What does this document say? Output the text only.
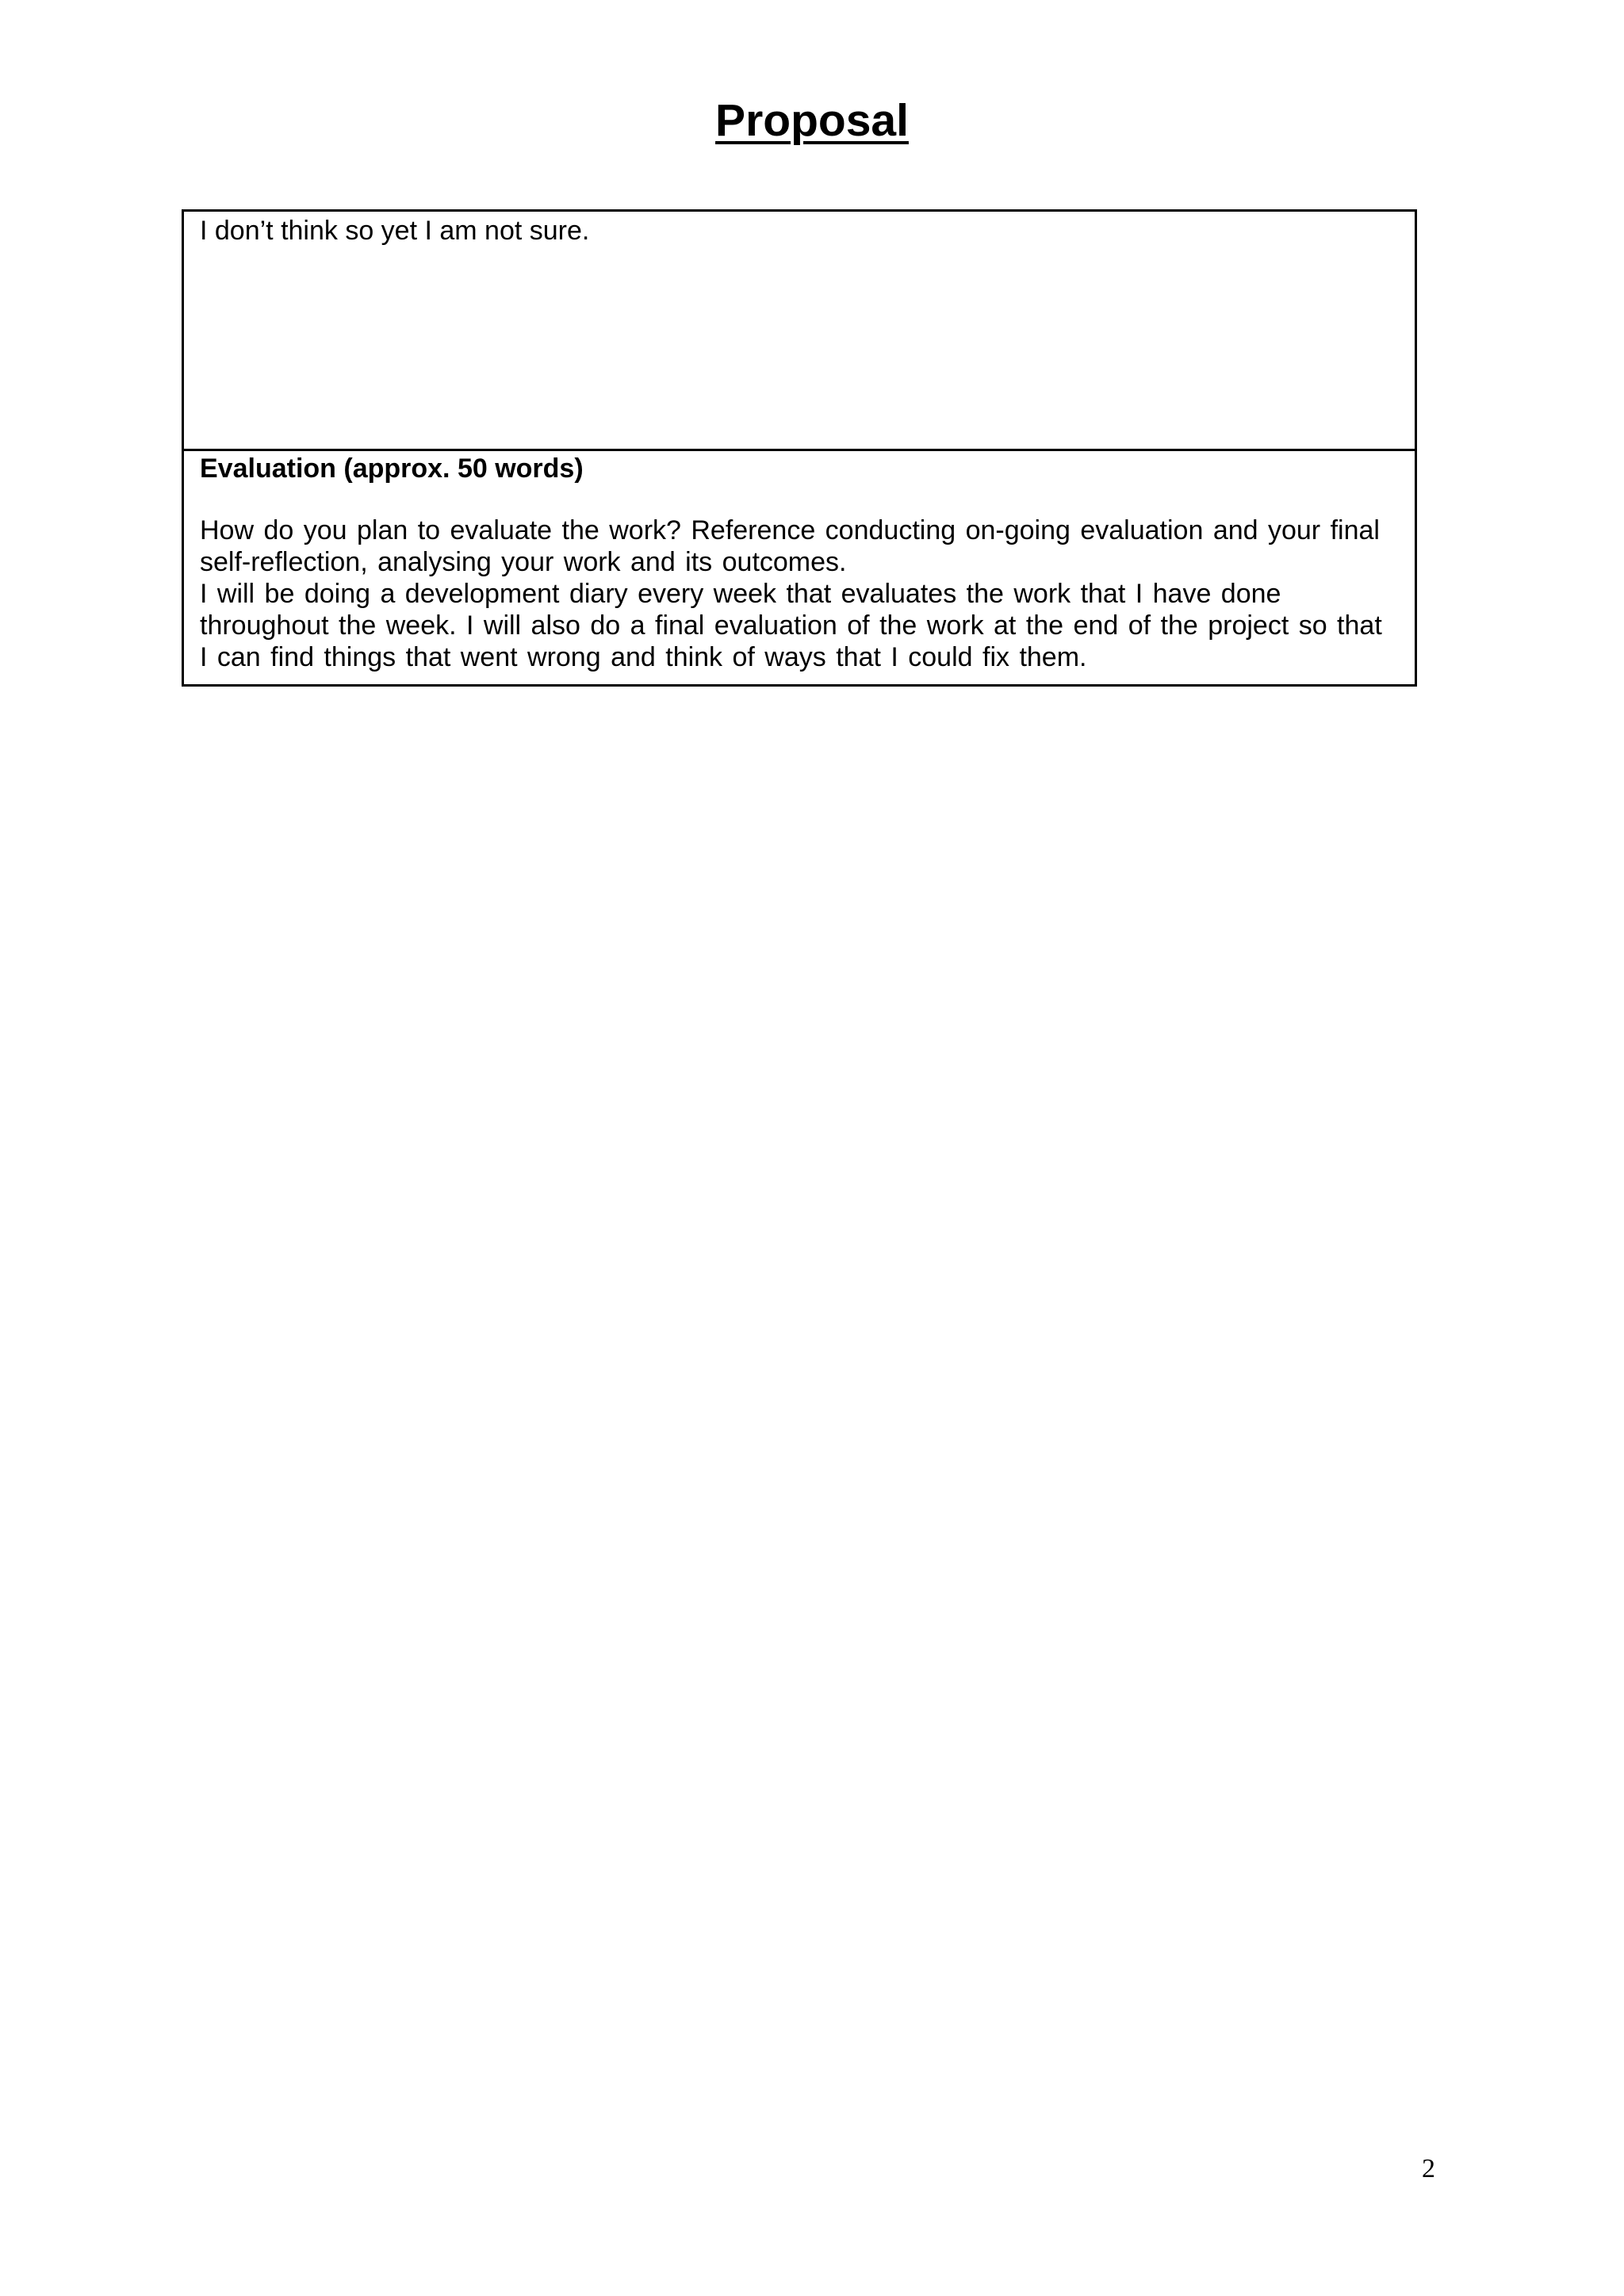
Proposal

I don’t think so yet I am not sure.

Evaluation (approx. 50 words)

How do you plan to evaluate the work? Reference conducting on-going evaluation and your final self-reflection, analysing your work and its outcomes.

I will be doing a development diary every week that evaluates the work that I have done throughout the week. I will also do a final evaluation of the work at the end of the project so that I can find things that went wrong and think of ways that I could fix them.

2
